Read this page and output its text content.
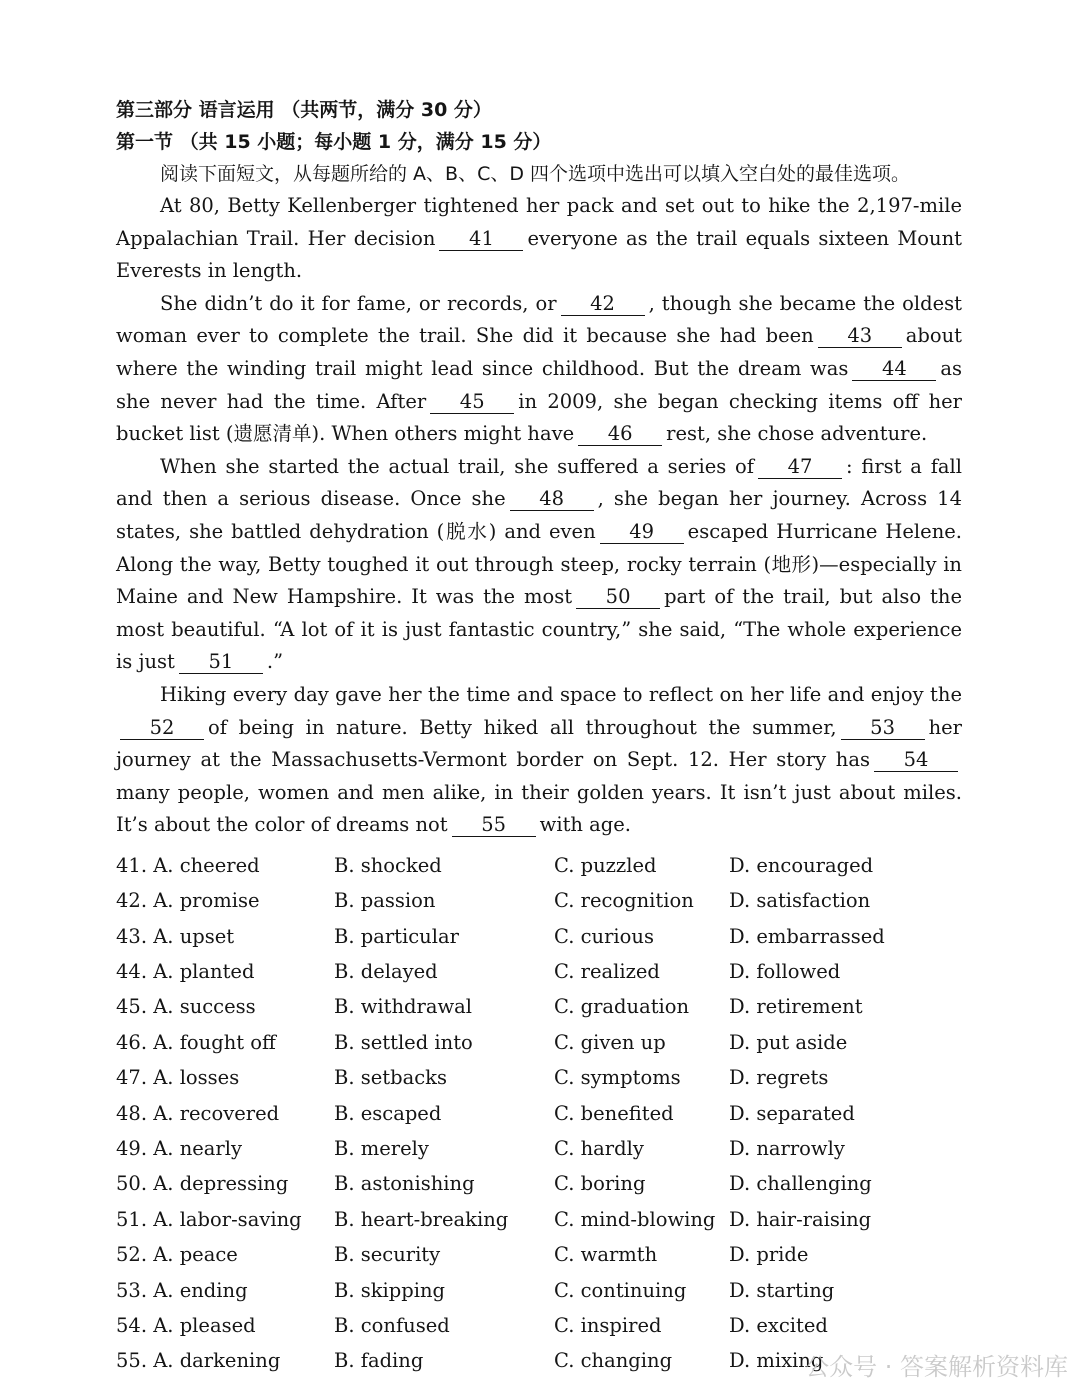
第三部分 语言运用 （共两节，满分 30 分）
第一节 （共 15 小题；每小题 1 分，满分 15 分）

阅读下面短文，从每题所给的 A、B、C、D 四个选项中选出可以填入空白处的最佳选项。

At 80, Betty Kellenberger tightened her pack and set out to hike the 2,197-mile Appalachian Trail. Her decision 41 everyone as the trail equals sixteen Mount Everests in length.

She didn’t do it for fame, or records, or 42 , though she became the oldest woman ever to complete the trail. She did it because she had been 43 about where the winding trail might lead since childhood. But the dream was 44 as she never had the time. After 45 in 2009, she began checking items off her bucket list (遗愿清单). When others might have 46 rest, she chose adventure.

When she started the actual trail, she suffered a series of 47 : first a fall and then a serious disease. Once she 48 , she began her journey. Across 14 states, she battled dehydration (脱水) and even 49 escaped Hurricane Helene. Along the way, Betty toughed it out through steep, rocky terrain (地形)—especially in Maine and New Hampshire. It was the most 50 part of the trail, but also the most beautiful. “A lot of it is just fantastic country,” she said, “The whole experience is just 51 .”

Hiking every day gave her the time and space to reflect on her life and enjoy the52 of being in nature. Betty hiked all throughout the summer, 53 her journey at the Massachusetts-Vermont border on Sept. 12. Her story has 54many people, women and men alike, in their golden years. It isn’t just about miles. It’s about the color of dreams not 55 with age.

41. A. cheered	B. shocked	C. puzzled	D. encouraged
42. A. promise	B. passion	C. recognition	D. satisfaction
43. A. upset	B. particular	C. curious	D. embarrassed
44. A. planted	B. delayed	C. realized	D. followed
45. A. success	B. withdrawal	C. graduation	D. retirement
46. A. fought off	B. settled into	C. given up	D. put aside
47. A. losses	B. setbacks	C. symptoms	D. regrets
48. A. recovered	B. escaped	C. benefited	D. separated
49. A. nearly	B. merely	C. hardly	D. narrowly
50. A. depressing	B. astonishing	C. boring	D. challenging
51. A. labor-saving	B. heart-breaking	C. mind-blowing D. hair-raising
52. A. peace	B. security	C. warmth	D. pride
53. A. ending	B. skipping	C. continuing	D. starting
54. A. pleased	B. confused	C. inspired	D. excited
55. A. darkening	B. fading	C. changing	D. mixing
公众号 · 答案解析资料库
